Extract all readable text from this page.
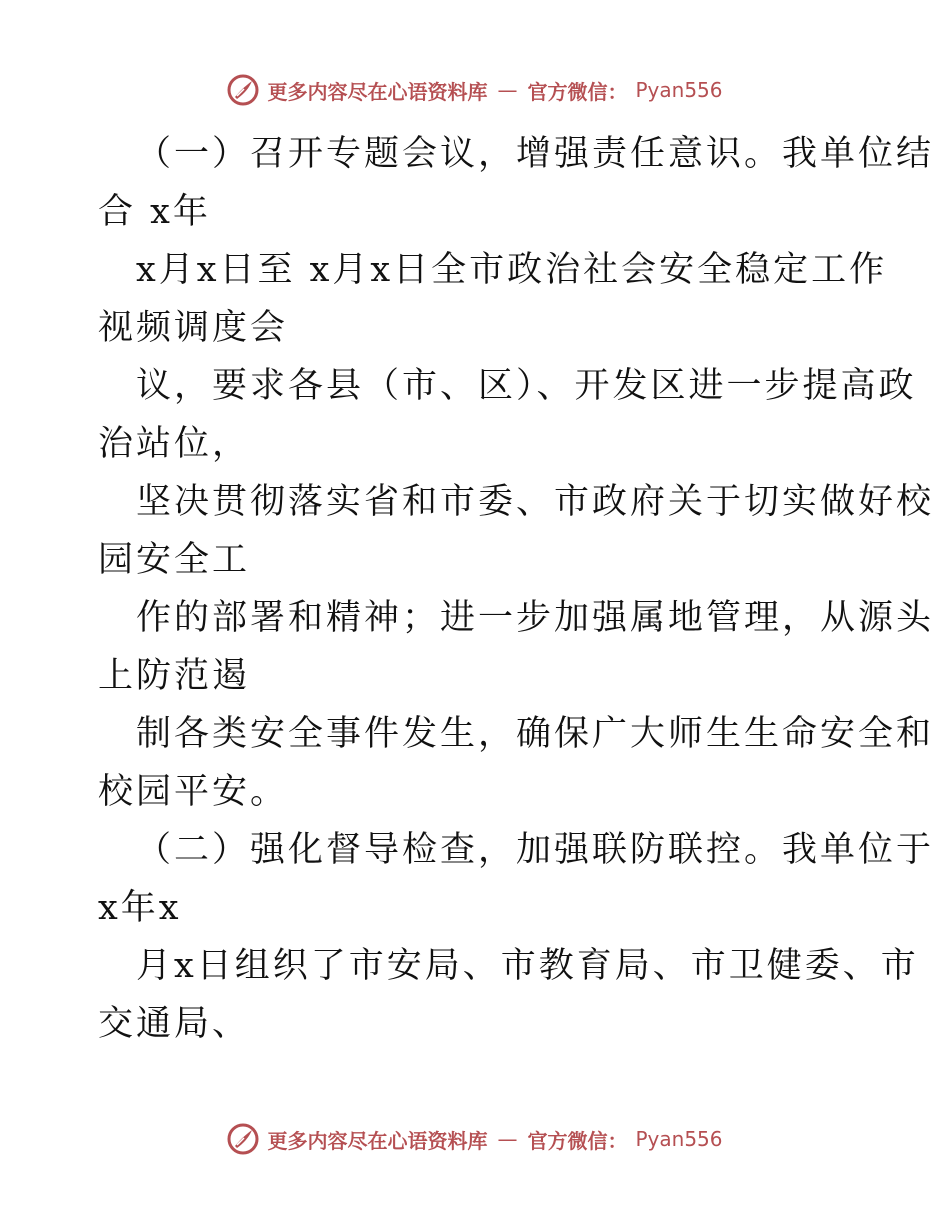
更多内容尽在心语资料库 — 官方微信： Pyan556
（一）召开专题会议，增强责任意识。我单位结
合 x年
x月x日至 x月x日全市政治社会安全稳定工作
视频调度会
议，要求各县（市、区）、开发区进一步提高政
治站位，
坚决贯彻落实省和市委、市政府关于切实做好校
园安全工
作的部署和精神；进一步加强属地管理，从源头
上防范遏
制各类安全事件发生，确保广大师生生命安全和
校园平安。
（二）强化督导检查，加强联防联控。我单位于
x年x
月x日组织了市安局、市教育局、市卫健委、市
交通局、
更多内容尽在心语资料库 — 官方微信： Pyan556
